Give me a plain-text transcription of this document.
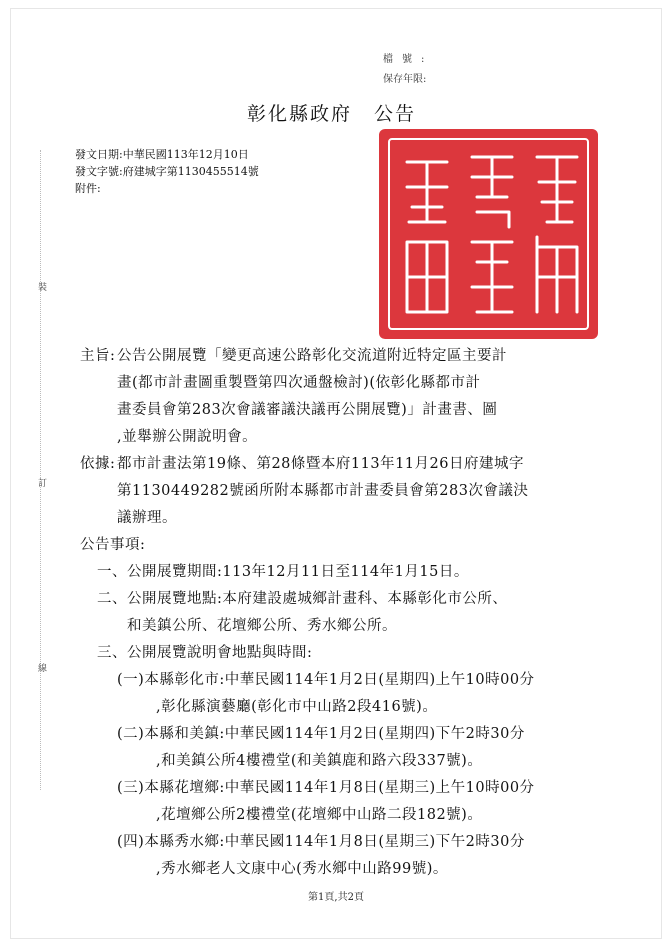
檔號:
保存年限:
彰化縣政府 公告
發文日期:中華民國113年12月10日
發文字號:府建城字第1130455514號
附件:
裝
訂
線
主旨: 公告公開展覽「變更高速公路彰化交流道附近特定區主要計
畫(都市計畫圖重製暨第四次通盤檢討)(依彰化縣都市計
畫委員會第283次會議審議決議再公開展覽)」計畫書、圖
,並舉辦公開說明會。
依據: 都市計畫法第19條、第28條暨本府113年11月26日府建城字
第1130449282號函所附本縣都市計畫委員會第283次會議決
議辦理。
公告事項:
一、公開展覽期間:113年12月11日至114年1月15日。
二、公開展覽地點:本府建設處城鄉計畫科、本縣彰化市公所、
和美鎮公所、花壇鄉公所、秀水鄉公所。
三、公開展覽說明會地點與時間:
(一)本縣彰化市:中華民國114年1月2日(星期四)上午10時00分
,彰化縣演藝廳(彰化市中山路2段416號)。
(二)本縣和美鎮:中華民國114年1月2日(星期四)下午2時30分
,和美鎮公所4樓禮堂(和美鎮鹿和路六段337號)。
(三)本縣花壇鄉:中華民國114年1月8日(星期三)上午10時00分
,花壇鄉公所2樓禮堂(花壇鄉中山路二段182號)。
(四)本縣秀水鄉:中華民國114年1月8日(星期三)下午2時30分
,秀水鄉老人文康中心(秀水鄉中山路99號)。
第1頁,共2頁
